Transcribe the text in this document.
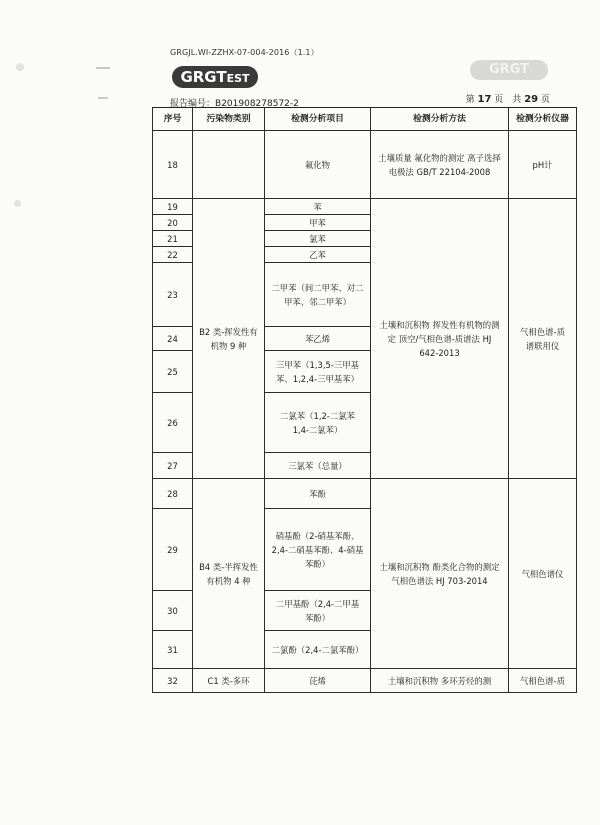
GRGJL.WI-ZZHX-07-004-2016（1.1）
GRGTEST
GRGT
报告编号：B201908278572-2	第 17 页　共 29 页
序号	污染物类别	检测分析项目	检测分析方法	检测分析仪器
18		氟化物	土壤质量 氟化物的测定 离子选择电极法 GB/T 22104-2008	pH计
19	B2 类-挥发性有机物 9 种	苯	土壤和沉积物 挥发性有机物的测定 顶空/气相色谱-质谱法 HJ 642-2013	气相色谱-质谱联用仪
20		甲苯		
21		氯苯		
22		乙苯		
23		二甲苯（间二甲苯、对二甲苯、邻二甲苯）		
24		苯乙烯		
25		三甲苯（1,3,5-三甲基苯、1,2,4-三甲基苯）		
26		二氯苯（1,2-二氯苯 1,4-二氯苯）		
27		三氯苯（总量）		
28	B4 类-半挥发性有机物 4 种	苯酚	土壤和沉积物 酚类化合物的测定 气相色谱法 HJ 703-2014	气相色谱仪
29		硝基酚（2-硝基苯酚、2,4-二硝基苯酚、4-硝基苯酚）		
30		二甲基酚（2,4-二甲基苯酚）		
31		二氯酚（2,4-二氯苯酚）		
32	C1 类-多环	芘烯	土壤和沉积物 多环芳烃的测	气相色谱-质
